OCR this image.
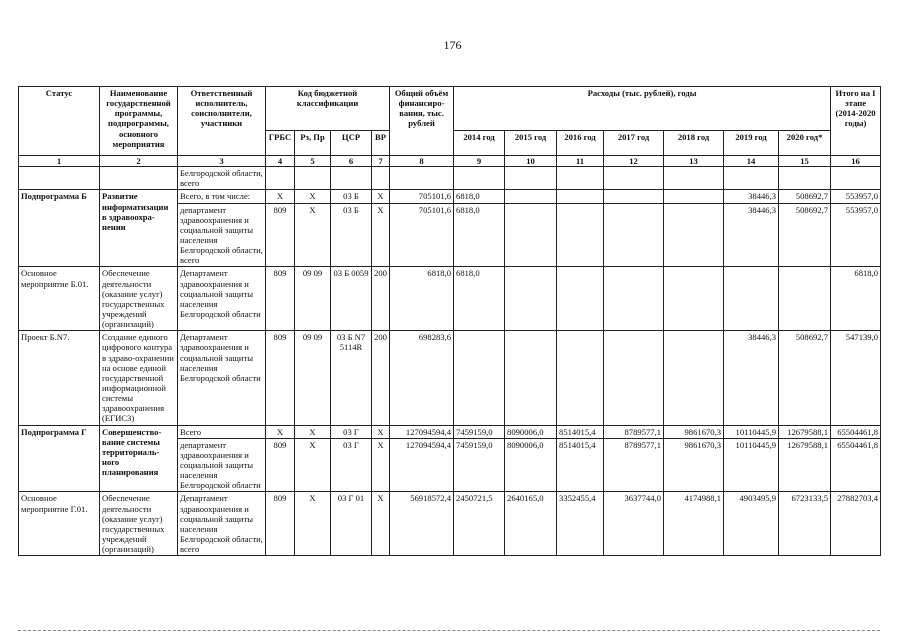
176
Статус	Наименование государственной программы, подпрограммы, основного мероприятия	Ответственный исполнитель, соисполнители, участники	Код бюджетной классификации				Общий объём финансиро-вания, тыс. рублей	Расходы (тыс. рублей), годы							Итого на I этапе (2014-2020 годы)
			ГРБС	Рз, Пр	ЦСР	ВР		2014 год	2015 год	2016 год	2017 год	2018 год	2019 год	2020 год*	
1	2	3	4	5	6	7	8	9	10	11	12	13	14	15	16
		Белгородской области, всего													
Подпрограмма Б	Развитие информатизации в здравоохра-нении	Всего, в том числе:	X	X	03 Б	X	705101,6	6818,0					38446,3	508692,7	553957,0
		департамент здравоохранения и социальной защиты населения Белгородской области, всего	809	X	03 Б	X	705101,6	6818,0					38446,3	508692,7	553957,0
Основное мероприятие Б.01.	Обеспечение деятельности (оказание услуг) государственных учреждений (организаций)	Департамент здравоохранения и социальной защиты населения Белгородской области	809	09 09	03 Б 0059	200	6818,0	6818,0							6818,0
Проект Б.N7.	Создание единого цифрового контура в здраво-охранении на основе единой государственной информационной системы здравоохранения (ЕГИСЗ)	Департамент здравоохранения и социальной защиты населения Белгородской области	809	09 09	03 Б N7 5114R	200	698283,6						38446,3	508692,7	547139,0
Подпрограмма Г	Совершенство-вание системы территориаль-ного планирования	Всего	X	X	03 Г	X	127094594,4	7459159,0	8090006,0	8514015,4	8789577,1	9861670,3	10110445,9	12679588,1	65504461,8
		департамент здравоохранения и социальной защиты населения Белгородской области	809	X	03 Г	X	127094594,4	7459159,0	8090006,0	8514015,4	8789577,1	9861670,3	10110445,9	12679588,1	65504461,8
Основное мероприятие Г.01.	Обеспечение деятельности (оказание услуг) государственных учреждений (организаций)	Департамент здравоохранения и социальной защиты населения Белгородской области, всего	809	X	03 Г 01	X	56918572,4	2450721,5	2640165,0	3352455,4	3637744,0	4174988,1	4903495,9	6723133,5	27882703,4
